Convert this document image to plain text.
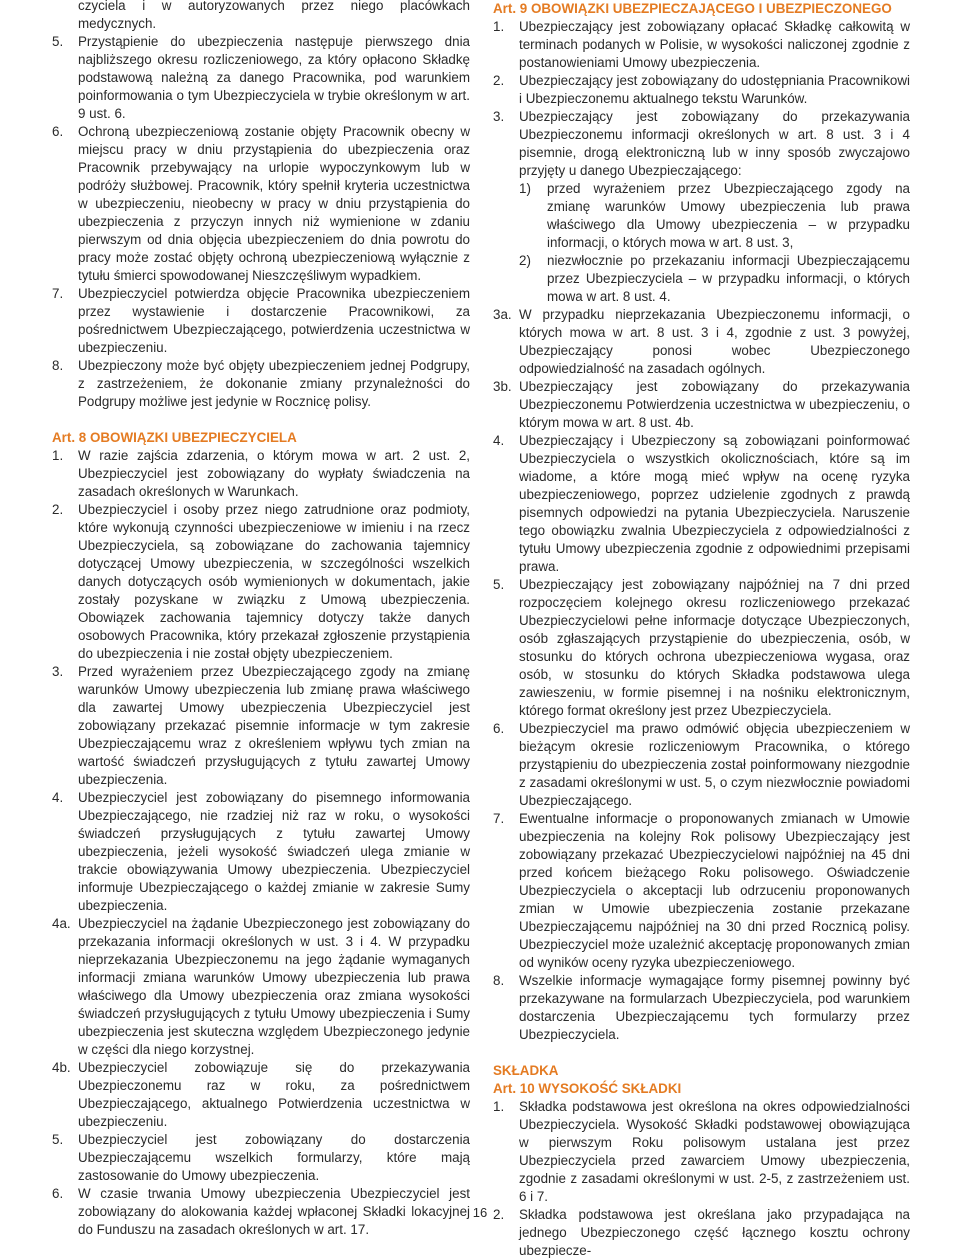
czyciela i w autoryzowanych przez niego placówkach medycznych.

5.	Przystąpienie do ubezpieczenia następuje pierwszego dnia najbliższego okresu rozliczeniowego, za który opłacono Składkę podstawową należną za danego Pracownika, pod warunkiem poinformowania o tym Ubezpieczyciela w trybie określonym w art. 9 ust. 6.
6.	Ochroną ubezpieczeniową zostanie objęty Pracownik obecny w miejscu pracy w dniu przystąpienia do ubezpieczenia oraz Pracownik przebywający na urlopie wypoczynkowym lub w podróży służbowej. Pracownik, który spełnił kryteria uczestnictwa w ubezpieczeniu, nieobecny w pracy w dniu przystąpienia do ubezpieczenia z przyczyn innych niż wymienione w zdaniu pierwszym od dnia objęcia ubezpieczeniem do dnia powrotu do pracy może zostać objęty ochroną ubezpieczeniową wyłącznie z tytułu śmierci spowodowanej Nieszczęśliwym wypadkiem.
7.	Ubezpieczyciel potwierdza objęcie Pracownika ubezpieczeniem przez wystawienie i dostarczenie Pracownikowi, za pośrednictwem Ubezpieczającego, potwierdzenia uczestnictwa w ubezpieczeniu.
8.	Ubezpieczony może być objęty ubezpieczeniem jednej Podgrupy, z zastrzeżeniem, że dokonanie zmiany przynależności do Podgrupy możliwe jest jedynie w Rocznicę polisy.

Art. 8 OBOWIĄZKI UBEZPIECZYCIELA

1.	W razie zajścia zdarzenia, o którym mowa w art. 2 ust. 2, Ubezpieczyciel jest zobowiązany do wypłaty świadczenia na zasadach określonych w Warunkach.
2.	Ubezpieczyciel i osoby przez niego zatrudnione oraz podmioty, które wykonują czynności ubezpieczeniowe w imieniu i na rzecz Ubezpieczyciela, są zobowiązane do zachowania tajemnicy dotyczącej Umowy ubezpieczenia, w szczególności wszelkich danych dotyczących osób wymienionych w dokumentach, jakie zostały pozyskane w związku z Umową ubezpieczenia. Obowiązek zachowania tajemnicy dotyczy także danych osobowych Pracownika, który przekazał zgłoszenie przystąpienia do ubezpieczenia i nie został objęty ubezpieczeniem.
3.	Przed wyrażeniem przez Ubezpieczającego zgody na zmianę warunków Umowy ubezpieczenia lub zmianę prawa właściwego dla zawartej Umowy ubezpieczenia Ubezpieczyciel jest zobowiązany przekazać pisemnie informacje w tym zakresie Ubezpieczającemu wraz z określeniem wpływu tych zmian na wartość świadczeń przysługujących z tytułu zawartej Umowy ubezpieczenia.
4.	Ubezpieczyciel jest zobowiązany do pisemnego informowania Ubezpieczającego, nie rzadziej niż raz w roku, o wysokości świadczeń przysługujących z tytułu zawartej Umowy ubezpieczenia, jeżeli wysokość świadczeń ulega zmianie w trakcie obowiązywania Umowy ubezpieczenia. Ubezpieczyciel informuje Ubezpieczającego o każdej zmianie w zakresie Sumy ubezpieczenia.
4a. Ubezpieczyciel na żądanie Ubezpieczonego jest zobowiązany do przekazania informacji określonych w ust. 3 i 4. W przypadku nieprzekazania Ubezpieczonemu na jego żądanie wymaganych informacji zmiana warunków Umowy ubezpieczenia lub prawa właściwego dla Umowy ubezpieczenia oraz zmiana wysokości świadczeń przysługujących z tytułu Umowy ubezpieczenia i Sumy ubezpieczenia jest skuteczna względem Ubezpieczonego jedynie w części dla niego korzystnej.
4b. Ubezpieczyciel zobowiązuje się do przekazywania Ubezpieczonemu raz w roku, za pośrednictwem Ubezpieczającego, aktualnego Potwierdzenia uczestnictwa w ubezpieczeniu.
5.	Ubezpieczyciel jest zobowiązany do dostarczenia Ubezpieczającemu wszelkich formularzy, które mają zastosowanie do Umowy ubezpieczenia.
6.	W czasie trwania Umowy ubezpieczenia Ubezpieczyciel jest zobowiązany do alokowania każdej wpłaconej Składki lokacyjnej do Funduszu na zasadach określonych w art. 17.

Art. 9 OBOWIĄZKI UBEZPIECZAJĄCEGO I UBEZPIECZONEGO

1.	Ubezpieczający jest zobowiązany opłacać Składkę całkowitą w terminach podanych w Polisie, w wysokości naliczonej zgodnie z postanowieniami Umowy ubezpieczenia.
2.	Ubezpieczający jest zobowiązany do udostępniania Pracownikowi i Ubezpieczonemu aktualnego tekstu Warunków.
3.	Ubezpieczający jest zobowiązany do przekazywania Ubezpieczonemu informacji określonych w art. 8 ust. 3 i 4 pisemnie, drogą elektroniczną lub w inny sposób zwyczajowo przyjęty u danego Ubezpieczającego:
1)	przed wyrażeniem przez Ubezpieczającego zgody na zmianę warunków Umowy ubezpieczenia lub prawa właściwego dla Umowy ubezpieczenia – w przypadku informacji, o których mowa w art. 8 ust. 3,
2)	niezwłocznie po przekazaniu informacji Ubezpieczającemu przez Ubezpieczyciela – w przypadku informacji, o których mowa w art. 8 ust. 4.
3a. W przypadku nieprzekazania Ubezpieczonemu informacji, o których mowa w art. 8 ust. 3 i 4, zgodnie z ust. 3 powyżej, Ubezpieczający ponosi wobec Ubezpieczonego odpowiedzialność na zasadach ogólnych.
3b. Ubezpieczający jest zobowiązany do przekazywania Ubezpieczonemu Potwierdzenia uczestnictwa w ubezpieczeniu, o którym mowa w art. 8 ust. 4b.
4.	Ubezpieczający i Ubezpieczony są zobowiązani poinformować Ubezpieczyciela o wszystkich okolicznościach, które są im wiadome, a które mogą mieć wpływ na ocenę ryzyka ubezpieczeniowego, poprzez udzielenie zgodnych z prawdą pisemnych odpowiedzi na pytania Ubezpieczyciela. Naruszenie tego obowiązku zwalnia Ubezpieczyciela z odpowiedzialności z tytułu Umowy ubezpieczenia zgodnie z odpowiednimi przepisami prawa.
5.	Ubezpieczający jest zobowiązany najpóźniej na 7 dni przed rozpoczęciem kolejnego okresu rozliczeniowego przekazać Ubezpieczycielowi pełne informacje dotyczące Ubezpieczonych, osób zgłaszających przystąpienie do ubezpieczenia, osób, w stosunku do których ochrona ubezpieczeniowa wygasa, oraz osób, w stosunku do których Składka podstawowa ulega zawieszeniu, w formie pisemnej i na nośniku elektronicznym, którego format określony jest przez Ubezpieczyciela.
6.	Ubezpieczyciel ma prawo odmówić objęcia ubezpieczeniem w bieżącym okresie rozliczeniowym Pracownika, o którego przystąpieniu do ubezpieczenia został poinformowany niezgodnie z zasadami określonymi w ust. 5, o czym niezwłocznie powiadomi Ubezpieczającego.
7.	Ewentualne informacje o proponowanych zmianach w Umowie ubezpieczenia na kolejny Rok polisowy Ubezpieczający jest zobowiązany przekazać Ubezpieczycielowi najpóźniej na 45 dni przed końcem bieżącego Roku polisowego. Oświadczenie Ubezpieczyciela o akceptacji lub odrzuceniu proponowanych zmian w Umowie ubezpieczenia zostanie przekazane Ubezpieczającemu najpóźniej na 30 dni przed Rocznicą polisy. Ubezpieczyciel może uzależnić akceptację proponowanych zmian od wyników oceny ryzyka ubezpieczeniowego.
8.	Wszelkie informacje wymagające formy pisemnej powinny być przekazywane na formularzach Ubezpieczyciela, pod warunkiem dostarczenia Ubezpieczającemu tych formularzy przez Ubezpieczyciela.

SKŁADKA

Art. 10 WYSOKOŚĆ SKŁADKI

1.	Składka podstawowa jest określona na okres odpowiedzialności Ubezpieczyciela. Wysokość Składki podstawowej obowiązująca w pierwszym Roku polisowym ustalana jest przez Ubezpieczyciela przed zawarciem Umowy ubezpieczenia, zgodnie z zasadami określonymi w ust. 2-5, z zastrzeżeniem ust. 6 i 7.
2.	Składka podstawowa jest określana jako przypadająca na jednego Ubezpieczonego część łącznego kosztu ochrony ubezpiecze-
16
